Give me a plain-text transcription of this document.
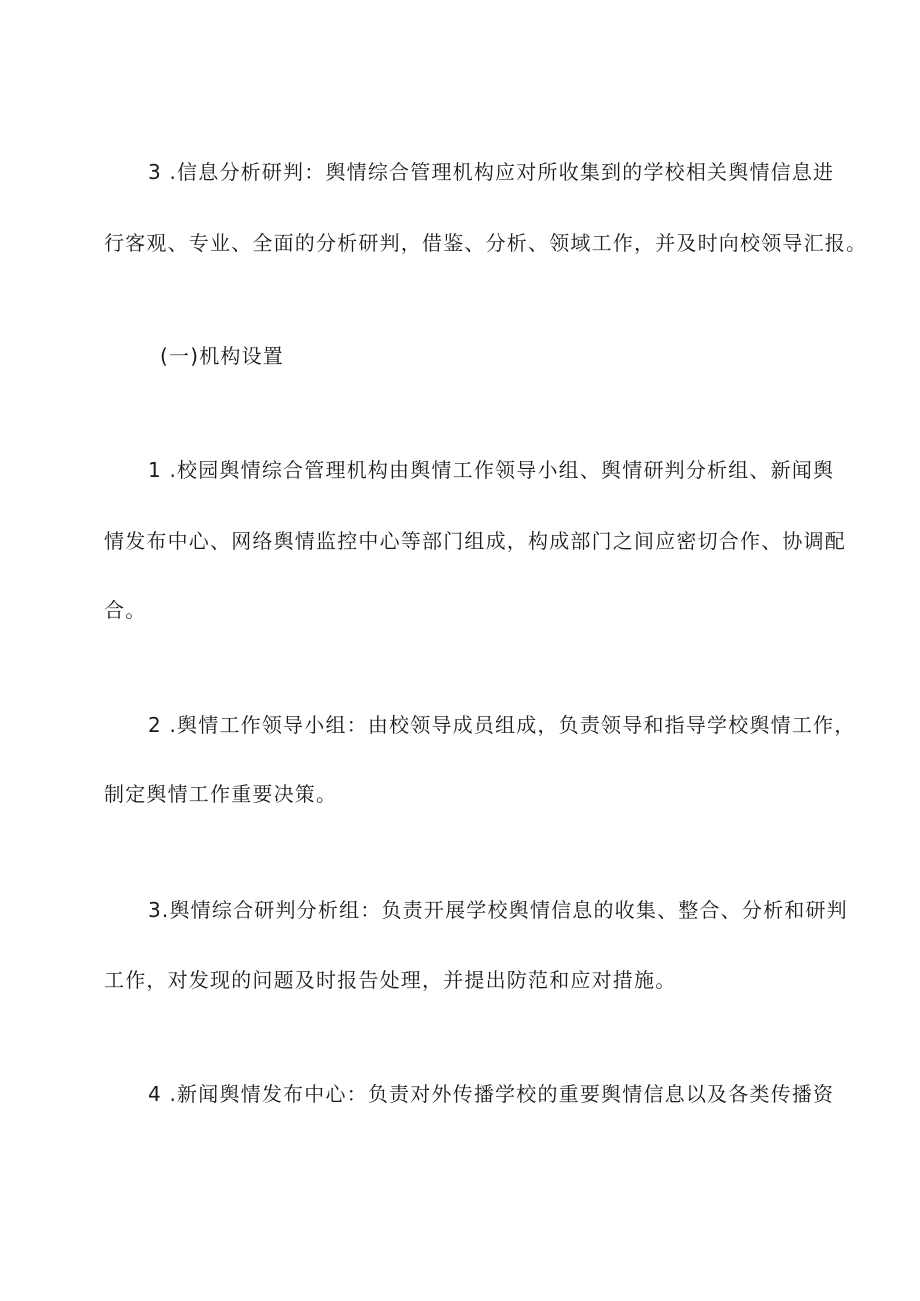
3 .信息分析研判：舆情综合管理机构应对所收集到的学校相关舆情信息进
行客观、专业、全面的分析研判，借鉴、分析、领域工作，并及时向校领导汇报。
(一)机构设置
1 .校园舆情综合管理机构由舆情工作领导小组、舆情研判分析组、新闻舆
情发布中心、网络舆情监控中心等部门组成，构成部门之间应密切合作、协调配
合。
2 .舆情工作领导小组：由校领导成员组成，负责领导和指导学校舆情工作，
制定舆情工作重要决策。
3.舆情综合研判分析组：负责开展学校舆情信息的收集、整合、分析和研判
工作，对发现的问题及时报告处理，并提出防范和应对措施。
4 .新闻舆情发布中心：负责对外传播学校的重要舆情信息以及各类传播资
